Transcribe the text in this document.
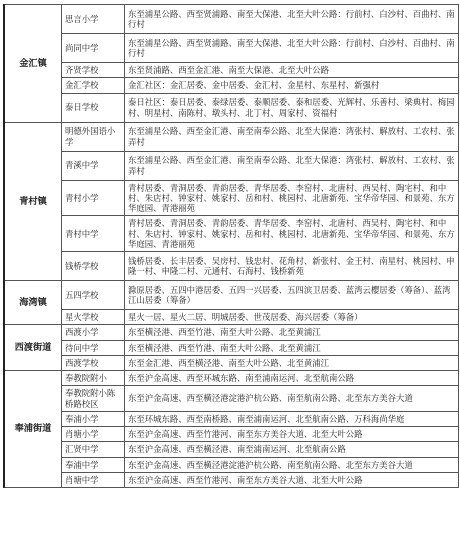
金汇镇	思言小学	东至浦星公路、西至贤浦路、南至大保港、北至大叶公路：行前村、白沙村、百曲村、南行村
	尚同中学	东至浦星公路、西至贤浦路、南至大保港、北至大叶公路：行前村、白沙村、百曲村、南行村
	齐贤学校	东至贤浦路、西至金汇港、南至大保港、北至大叶公路
	金汇学校	金汇社区：金汇居委、金中居委、金汇村、金星村、东星村、新强村
	泰日学校	泰日社区：泰日居委、泰绿居委、泰顺居委、泰和居委、光辉村、乐善村、梁典村、梅园村、明星村、南陈村、墩头村、北丁村、周家村、资福村
青村镇	明德外国语小学	东至浦星公路、西至金汇港、南至南奉公路、北至大保港：湾张村、解放村、工农村、张弄村
	青溪中学	东至浦星公路、西至金汇港、南至南奉公路、北至大保港：湾张村、解放村、工农村、张弄村
	青村小学	青村居委、青洞居委、青韵居委、青华居委、李窑村、北唐村、西吴村、陶宅村、和中村、朱店村、钟家村、姚家村、岳和村、桃园村、北唐新苑、宝华帝华园、和景苑、东方华庭园、青港丽苑
	青村中学	青村居委、青洞居委、青韵居委、青华居委、李窑村、北唐村、西吴村、陶宅村、和中村、朱店村、钟家村、姚家村、岳和村、桃园村、北唐新苑、宝华帝华园、和景苑、东方华庭园、青港丽苑
	钱桥学校	钱桥居委、长丰居委、吴房村、钱忠村、花角村、新张村、金王村、南星村、桃园村、申隆一村、申隆二村、元通村、石海村、钱桥新苑
海湾镇	五四学校	滁原居委、五四中港居委、五四一兴居委、五四滨卫居委、蓝湾云樱居委（筹备）、蓝湾江山居委（筹备）
	星火学校	星火一居、星火二居、明城居委、世茂居委、海兴居委（筹备）
西渡街道	西渡小学	东至横泾港、西至竹港、南至大叶公路、北至黄浦江
	待问中学	东至横泾港、西至竹港、南至大叶公路、北至黄浦江
	西渡学校	东至金汇港、西至横泾港、南至大叶公路、北至黄浦江
奉浦街道	奉教院附小	东至沪金高速、西至环城东路、南至浦南运河、北至航南公路
	奉教院附小陈桥路校区	东至沪金高速、西至横泾港淀港沪杭公路、南至航南公路、北至东方美谷大道
	奉浦小学	东至环城东路、西至南桥路、南至浦南运河、北至航南公路、万科海尚华庭
	肖塘小学	东至沪金高速、西至竹港河、南至东方美谷大道、北至大叶公路
	汇贤中学	东至沪金高速、西至横泾港、南至浦南运河、北至航南公路
	奉浦中学	东至沪金高速、西至横泾港淀港沪杭公路、南至航南公路、北至东方美谷大道
	肖塘中学	东至沪金高速、西至竹港河、南至东方美谷大道、北至大叶公路
